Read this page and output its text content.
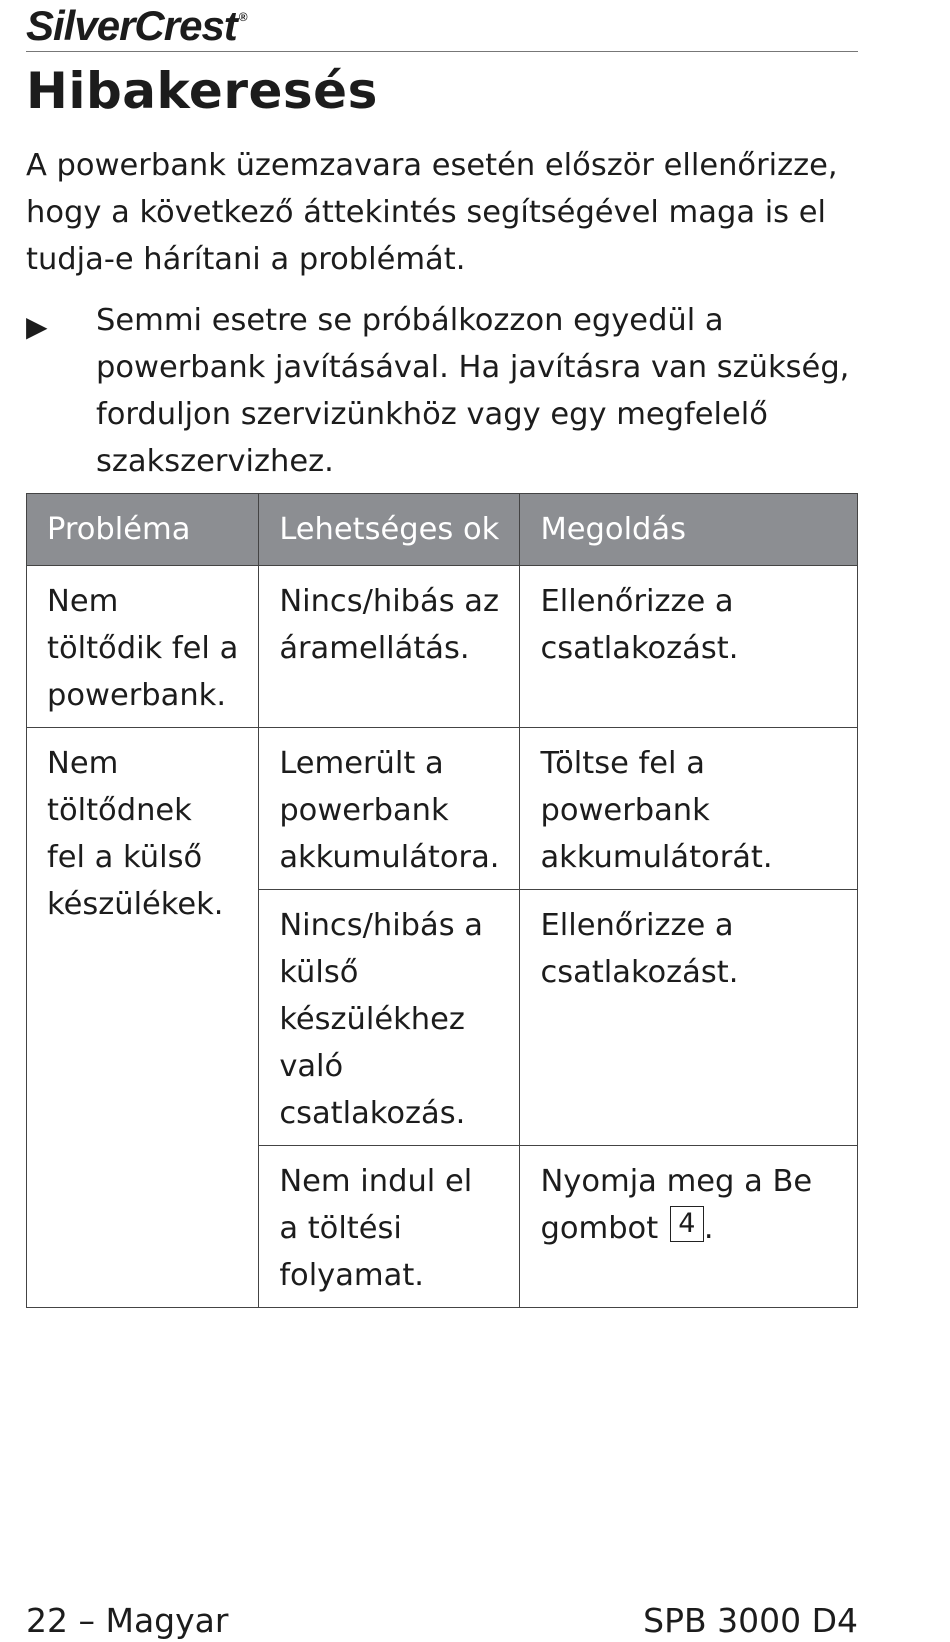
SilverCrest ®
Hibakeresés

A powerbank üzemzavara esetén először ellenőrizze, hogy a következő áttekintés segítségével maga is el tudja-e hárítani a problémát.

▶ Semmi esetre se próbálkozzon egyedül a powerbank javításával. Ha javításra van szükség, forduljon szervizünkhöz vagy egy megfelelő szakszervizhez.
Probléma	Lehetséges ok	Megoldás
Nem töltődik fel a powerbank.	Nincs/hibás az áramellátás.	Ellenőrizze a csatlakozást.
Nem töltődnek fel a külső készülékek.	Lemerült a powerbank akkumulátora.	Töltse fel a powerbank akkumulátorát.
	Nincs/hibás a külső készülékhez való csatlakozás.	Ellenőrizze a csatlakozást.
	Nem indul el a töltési folyamat.	Nyomja meg a Be gombot 4 .
22 – Magyar	SPB 3000 D4
